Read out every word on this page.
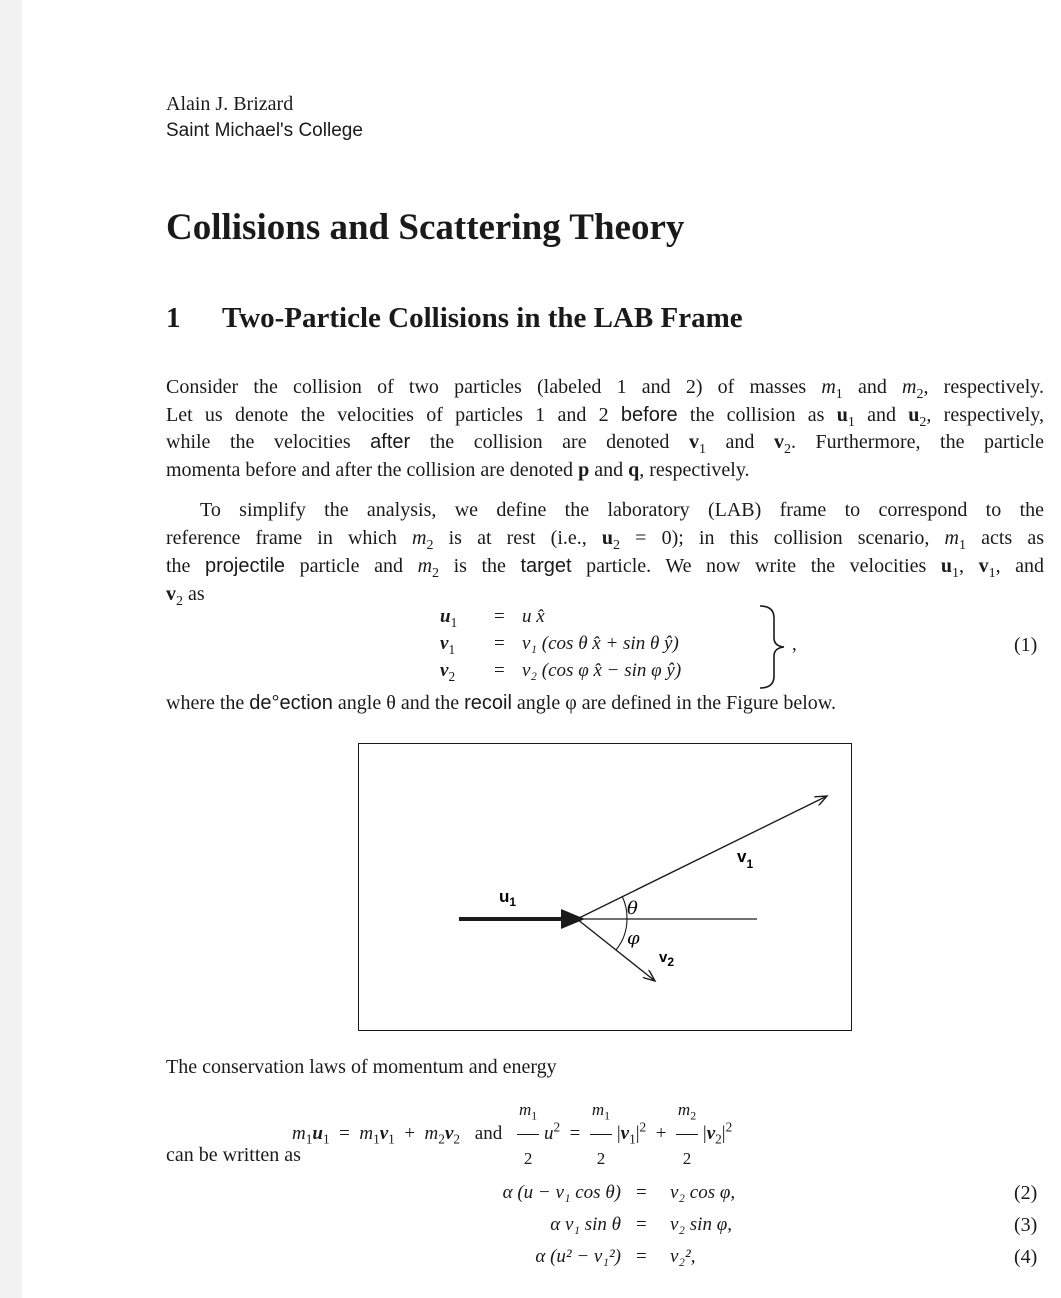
Alain J. Brizard
Saint Michael's College
Collisions and Scattering Theory
1 Two-Particle Collisions in the LAB Frame

Consider the collision of two particles (labeled 1 and 2) of masses $m_1$ and $m_2$, respectively.

Let us denote the velocities of particles 1 and 2 before the collision as $u_1$ and $u_2$, respectively,

while the velocities after the collision are denoted $v_1$ and $v_2$. Furthermore, the particle

momenta before and after the collision are denoted p and q, respectively.

To simplify the analysis, we define the laboratory (LAB) frame to correspond to the

reference frame in which $m_2$ is at rest (i.e., $u_2 = 0$); in this collision scenario, $m_1$ acts as

the projectile particle and $m_2$ is the target particle. We now write the velocities $u_1$, $v_1$, and

$v_2$ as

$u_1 = u$ x̂
$v_1 = v_1$ (cos θ x̂ + sin θ ŷ)
$v_2 = v_2$ (cos φ x̂ − sin φ ŷ)
,	(1)
where the de°ection angle θ and the recoil angle φ are defined in the Figure below.
$u_1$
$v_1$
$v_2$
θ
φ
The conservation laws of momentum and energy
$m_1u_1 = m_1v_1 + m_2v_2$ and $\frac{m_1}{2} u^2 = \frac{m_1}{2} |v_1|^2 + \frac{m_2}{2} |v_2|^2$
can be written as
α (u − v₁ cos θ) = v₂ cos φ,	(2)
α v₁ sin θ = v₂ sin φ,	(3)
α (u² − v₁²) = v₂²,	(4)
